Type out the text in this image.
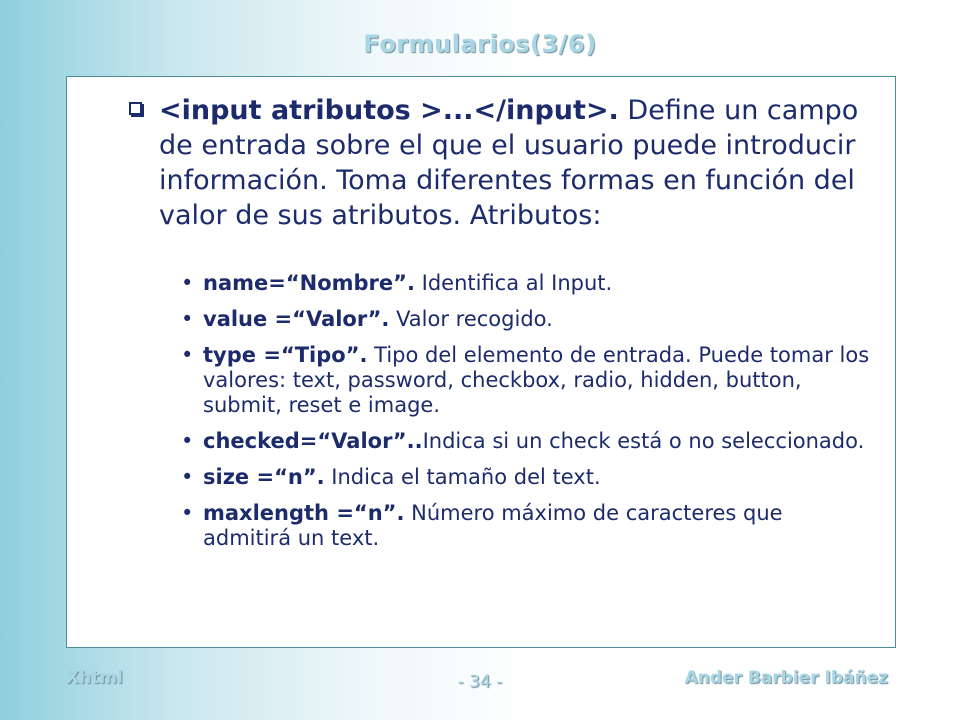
Formularios(3/6)
<input atributos >...</input>. Define un campo de entrada sobre el que el usuario puede introducir información. Toma diferentes formas en función del valor de sus atributos. Atributos:
• name=“Nombre”. Identifica al Input.
• value =“Valor”. Valor recogido.
• type =“Tipo”. Tipo del elemento de entrada. Puede tomar los valores: text, password, checkbox, radio, hidden, button, submit, reset e image.
• checked=“Valor”..Indica si un check está o no seleccionado.
• size =“n”. Indica el tamaño del text.
• maxlength =“n”. Número máximo de caracteres que admitirá un text.
Xhtml	- 34 -	Ander Barbier Ibáñez
